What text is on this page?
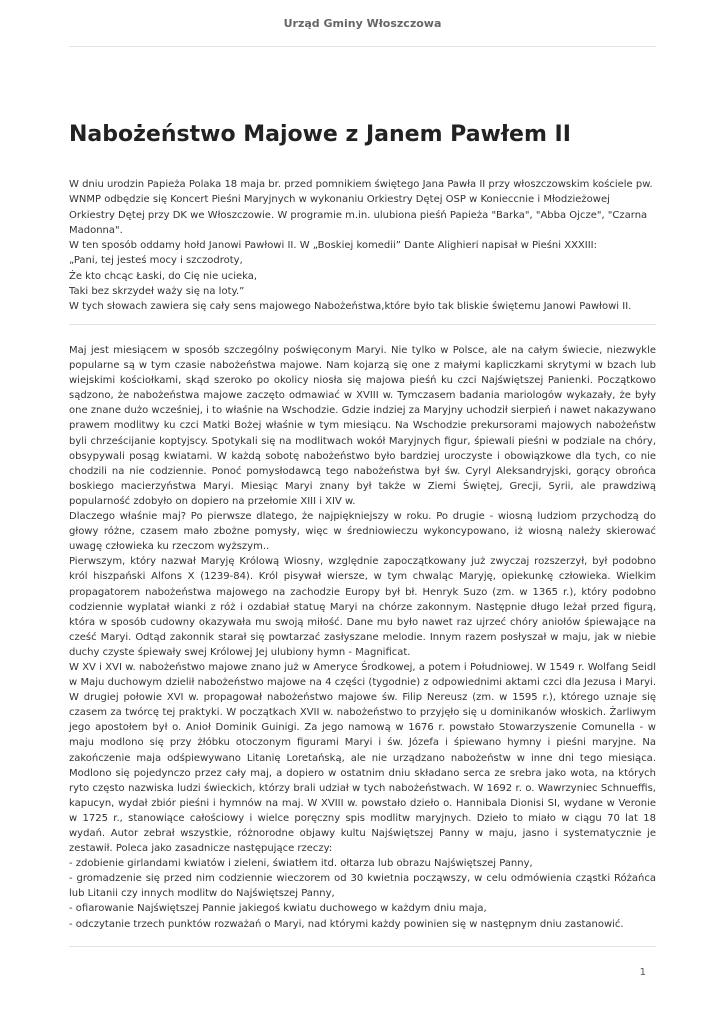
Urząd Gminy Włoszczowa
Nabożeństwo Majowe z Janem Pawłem II

W dniu urodzin Papieża Polaka 18 maja br. przed pomnikiem świętego Jana Pawła II przy włoszczowskim kościele pw. WNMP odbędzie się Koncert Pieśni Maryjnych w wykonaniu Orkiestry Dętej OSP w Konieccnie i Młodzieżowej Orkiestry Dętej przy DK we Włoszczowie. W programie m.in. ulubiona pieśń Papieża "Barka", "Abba Ojcze", "Czarna Madonna".

W ten sposób oddamy hołd Janowi Pawłowi II. W „Boskiej komedii” Dante Alighieri napisał w Pieśni XXXIII:

„Pani, tej jesteś mocy i szczodroty,

Że kto chcąc Łaski, do Cię nie ucieka,

Taki bez skrzydeł waży się na loty.”

W tych słowach zawiera się cały sens majowego Nabożeństwa,które było tak bliskie świętemu Janowi Pawłowi II.

Maj jest miesiącem w sposób szczególny poświęconym Maryi. Nie tylko w Polsce, ale na całym świecie, niezwykle popularne są w tym czasie nabożeństwa majowe. Nam kojarzą się one z małymi kapliczkami skrytymi w bzach lub wiejskimi kościołkami, skąd szeroko po okolicy niosła się majowa pieśń ku czci Najświętszej Panienki. Początkowo sądzono, że nabożeństwa majowe zaczęto odmawiać w XVIII w. Tymczasem badania mariologów wykazały, że były one znane dużo wcześniej, i to właśnie na Wschodzie. Gdzie indziej za Maryjny uchodził sierpień i nawet nakazywano prawem modlitwy ku czci Matki Bożej właśnie w tym miesiącu. Na Wschodzie prekursorami majowych nabożeństw byli chrześcijanie koptyjscy. Spotykali się na modlitwach wokół Maryjnych figur, śpiewali pieśni w podziale na chóry, obsypywali posąg kwiatami. W każdą sobotę nabożeństwo było bardziej uroczyste i obowiązkowe dla tych, co nie chodzili na nie codziennie. Ponoć pomysłodawcą tego nabożeństwa był św. Cyryl Aleksandryjski, gorący obrońca boskiego macierzyństwa Maryi. Miesiąc Maryi znany był także w Ziemi Świętej, Grecji, Syrii, ale prawdziwą popularność zdobyło on dopiero na przełomie XIII i XIV w.

Dlaczego właśnie maj? Po pierwsze dlatego, że najpiękniejszy w roku. Po drugie - wiosną ludziom przychodzą do głowy różne, czasem mało zbożne pomysły, więc w średniowieczu wykoncypowano, iż wiosną należy skierować uwagę człowieka ku rzeczom wyższym..

Pierwszym, który nazwał Maryję Królową Wiosny, względnie zapoczątkowany już zwyczaj rozszerzył, był podobno król hiszpański Alfons X (1239-84). Król pisywał wiersze, w tym chwaląc Maryję, opiekunkę człowieka. Wielkim propagatorem nabożeństwa majowego na zachodzie Europy był bł. Henryk Suzo (zm. w 1365 r.), który podobno codziennie wyplatał wianki z róż i ozdabiał statuę Maryi na chórze zakonnym. Następnie długo leżał przed figurą, która w sposób cudowny okazywała mu swoją miłość. Dane mu było nawet raz ujrzeć chóry aniołów śpiewające na cześć Maryi. Odtąd zakonnik starał się powtarzać zasłyszane melodie. Innym razem posłyszał w maju, jak w niebie duchy czyste śpiewały swej Królowej Jej ulubiony hymn - Magnificat.

W XV i XVI w. nabożeństwo majowe znano już w Ameryce Środkowej, a potem i Południowej. W 1549 r. Wolfang Seidl w Maju duchowym dzielił nabożeństwo majowe na 4 części (tygodnie) z odpowiednimi aktami czci dla Jezusa i Maryi. W drugiej połowie XVI w. propagował nabożeństwo majowe św. Filip Nereusz (zm. w 1595 r.), którego uznaje się czasem za twórcę tej praktyki. W początkach XVII w. nabożeństwo to przyjęło się u dominikanów włoskich. Żarliwym jego apostołem był o. Anioł Dominik Guinigi. Za jego namową w 1676 r. powstało Stowarzyszenie Comunella - w maju modlono się przy żłóbku otoczonym figurami Maryi i św. Józefa i śpiewano hymny i pieśni maryjne. Na zakończenie maja odśpiewywano Litanię Loretańską, ale nie urządzano nabożeństw w inne dni tego miesiąca. Modlono się pojedynczo przez cały maj, a dopiero w ostatnim dniu składano serca ze srebra jako wota, na których ryto często nazwiska ludzi świeckich, którzy brali udział w tych nabożeństwach. W 1692 r. o. Wawrzyniec Schnueffis, kapucyn, wydał zbiór pieśni i hymnów na maj. W XVIII w. powstało dzieło o. Hannibala Dionisi SI, wydane w Veronie w 1725 r., stanowiące całościowy i wielce poręczny spis modlitw maryjnych. Dzieło to miało w ciągu 70 lat 18 wydań. Autor zebrał wszystkie, różnorodne objawy kultu Najświętszej Panny w maju, jasno i systematycznie je zestawił. Poleca jako zasadnicze następujące rzeczy:

- zdobienie girlandami kwiatów i zieleni, światłem itd. ołtarza lub obrazu Najświętszej Panny,

- gromadzenie się przed nim codziennie wieczorem od 30 kwietnia począwszy, w celu odmówienia cząstki Różańca lub Litanii czy innych modlitw do Najświętszej Panny,

- ofiarowanie Najświętszej Pannie jakiegoś kwiatu duchowego w każdym dniu maja,

- odczytanie trzech punktów rozważań o Maryi, nad którymi każdy powinien się w następnym dniu zastanowić.

1
